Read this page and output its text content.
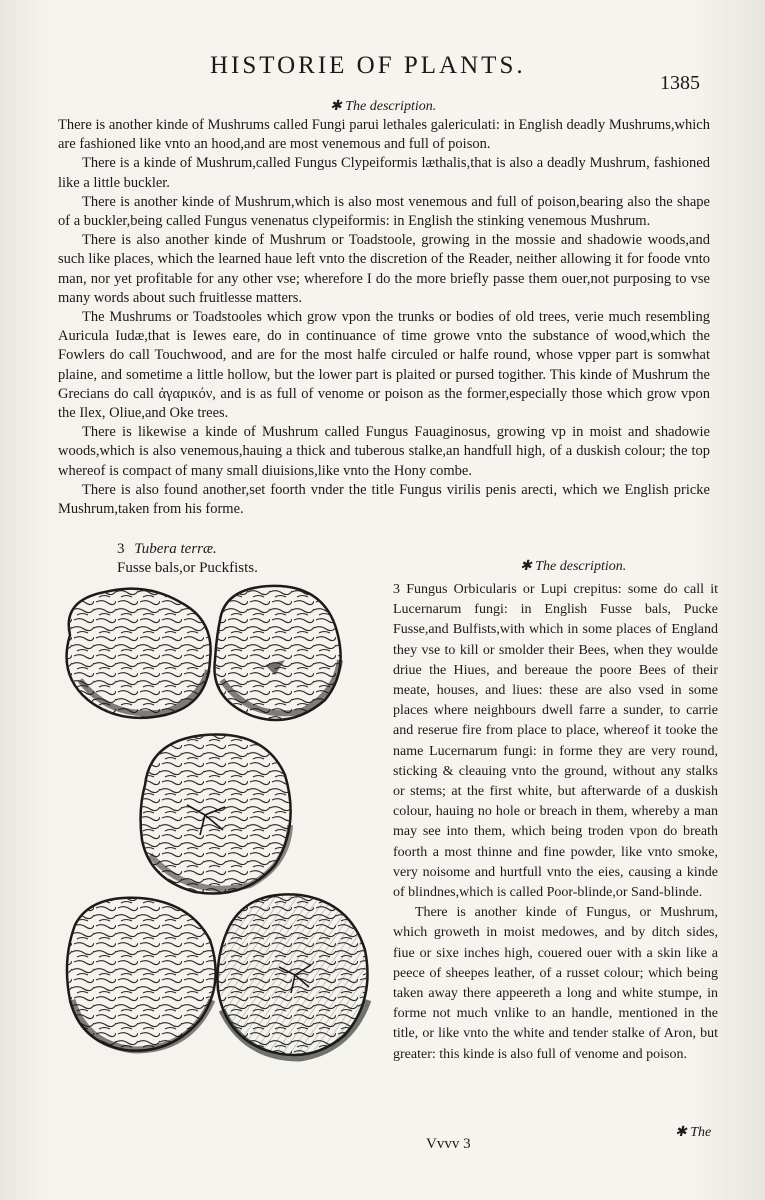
HISTORIE OF PLANTS.
1385
✱ The description.

There is another kinde of Mushrums called Fungi parui lethales galericulati: in English deadly Mushrums,which are fashioned like vnto an hood,and are most venemous and full of poison.

There is a kinde of Mushrum,called Fungus Clypeiformis læthalis,that is also a deadly Mushrum, fashioned like a little buckler.

There is another kinde of Mushrum,which is also most venemous and full of poison,bearing also the shape of a buckler,being called Fungus venenatus clypeiformis: in English the stinking venemous Mushrum.

There is also another kinde of Mushrum or Toadstoole, growing in the mossie and shadowie woods,and such like places, which the learned haue left vnto the discretion of the Reader, neither allowing it for foode vnto man, nor yet profitable for any other vse; wherefore I do the more briefly passe them ouer,not purposing to vse many words about such fruitlesse matters.

The Mushrums or Toadstooles which grow vpon the trunks or bodies of old trees, verie much resembling Auricula Iudæ,that is Iewes eare, do in continuance of time growe vnto the substance of wood,which the Fowlers do call Touchwood, and are for the most halfe circuled or halfe round, whose vpper part is somwhat plaine, and sometime a little hollow, but the lower part is plaited or pursed togither. This kinde of Mushrum the Grecians do call ἀγαρικόν, and is as full of venome or poison as the former,especially those which grow vpon the Ilex, Oliue,and Oke trees.

There is likewise a kinde of Mushrum called Fungus Fauaginosus, growing vp in moist and shadowie woods,which is also venemous,hauing a thick and tuberous stalke,an handfull high, of a duskish colour; the top whereof is compact of many small diuisions,like vnto the Hony combe.

There is also found another,set foorth vnder the title Fungus virilis penis arecti, which we English pricke Mushrum,taken from his forme.

3 Tubera terræ.
Fusse bals,or Puckfists.	✱ The description.

3 Fungus Orbicularis or Lupi crepitus: some do call it Lucernarum fungi: in English Fusse bals, Pucke Fusse,and Bulfists,with which in some places of England they vse to kill or smolder their Bees, when they woulde driue the Hiues, and bereaue the poore Bees of their meate, houses, and liues: these are also vsed in some places where neighbours dwell farre a sunder, to carrie and reserue fire from place to place, whereof it tooke the name Lucernarum fungi: in forme they are very round, sticking & cleauing vnto the ground, without any stalks or stems; at the first white, but afterwarde of a duskish colour, hauing no hole or breach in them, whereby a man may see into them, which being troden vpon do breath foorth a most thinne and fine powder, like vnto smoke, very noisome and hurtfull vnto the eies, causing a kinde of blindnes,which is called Poor-blinde,or Sand-blinde.

There is another kinde of Fungus, or Mushrum, which groweth in moist medowes, and by ditch sides, fiue or sixe inches high, couered ouer with a skin like a peece of sheepes leather, of a russet colour; which being taken away there appeereth a long and white stumpe, in forme not much vnlike to an handle, mentioned in the title, or like vnto the white and tender stalke of Aron, but greater: this kinde is also full of venome and poison.

Vvvv 3
✱ The
